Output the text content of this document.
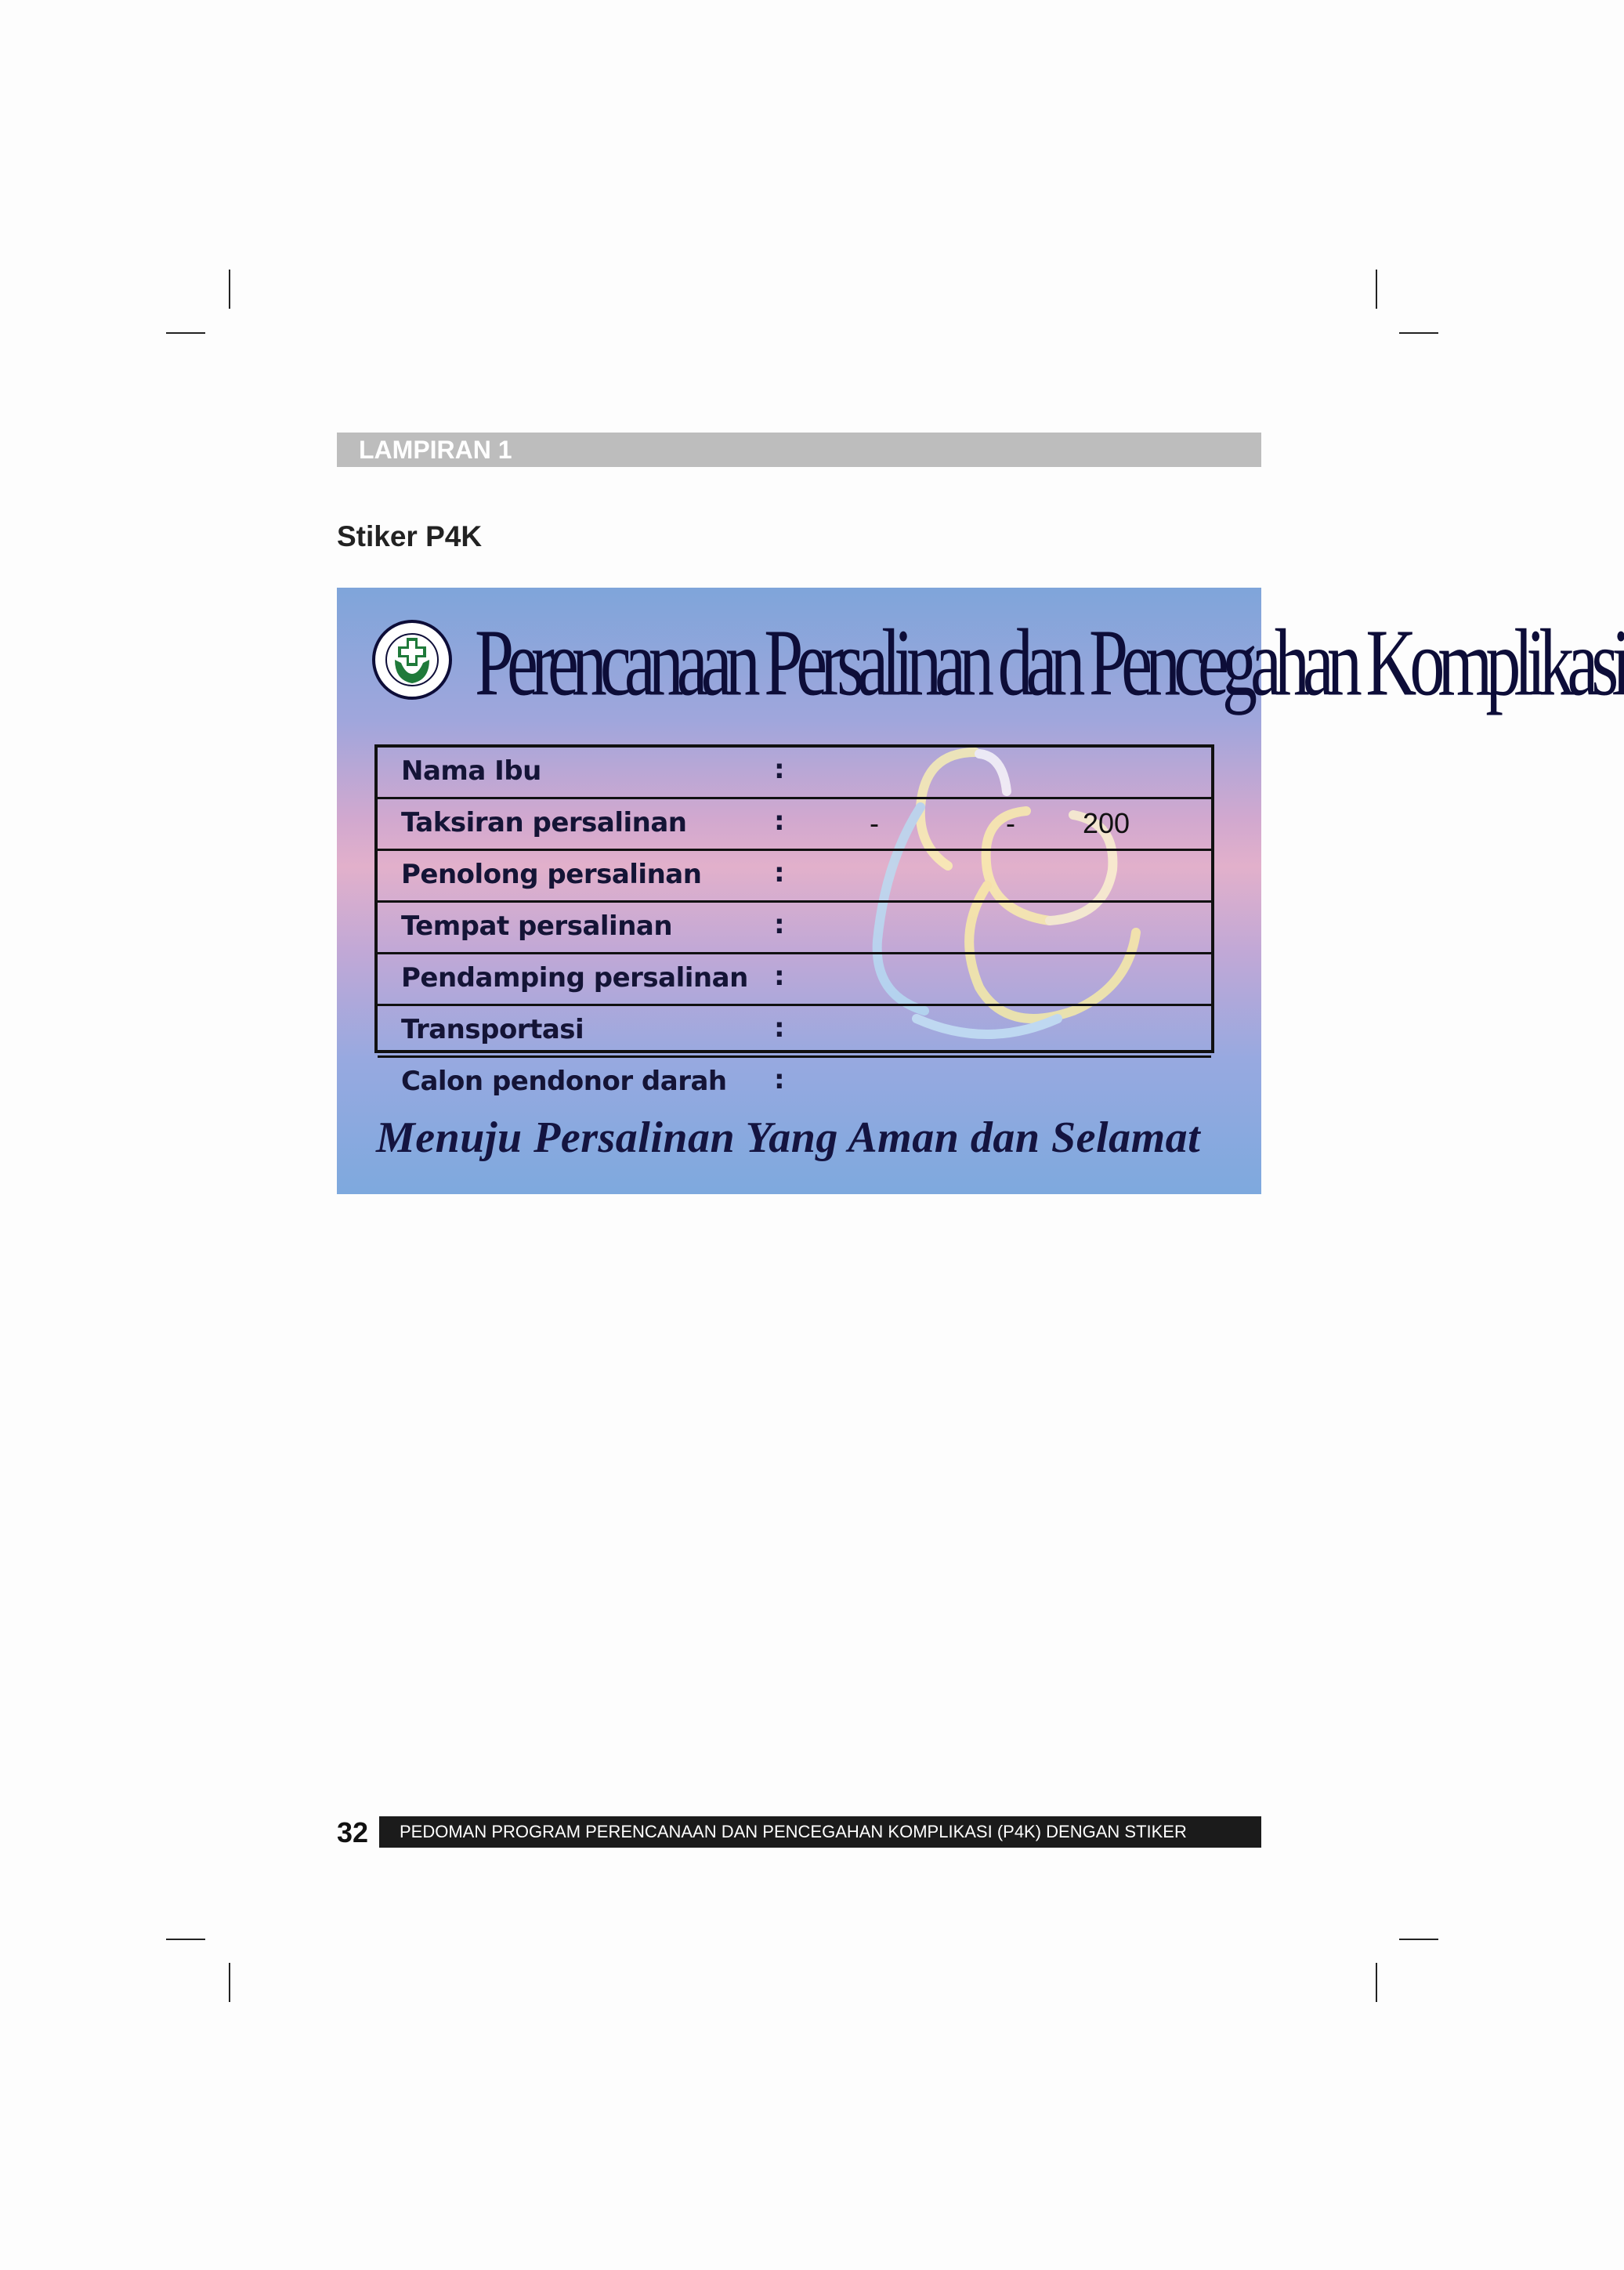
LAMPIRAN 1
Stiker P4K
Perencanaan Persalinan dan Pencegahan Komplikasi
Nama Ibu	:
Taksiran persalinan	:	-	- 200
Penolong persalinan	:
Tempat persalinan	:
Pendamping persalinan :
Transportasi	:
Calon pendonor darah :

Menuju Persalinan Yang Aman dan Selamat

32	PEDOMAN PROGRAM PERENCANAAN DAN PENCEGAHAN KOMPLIKASI (P4K) DENGAN STIKER
